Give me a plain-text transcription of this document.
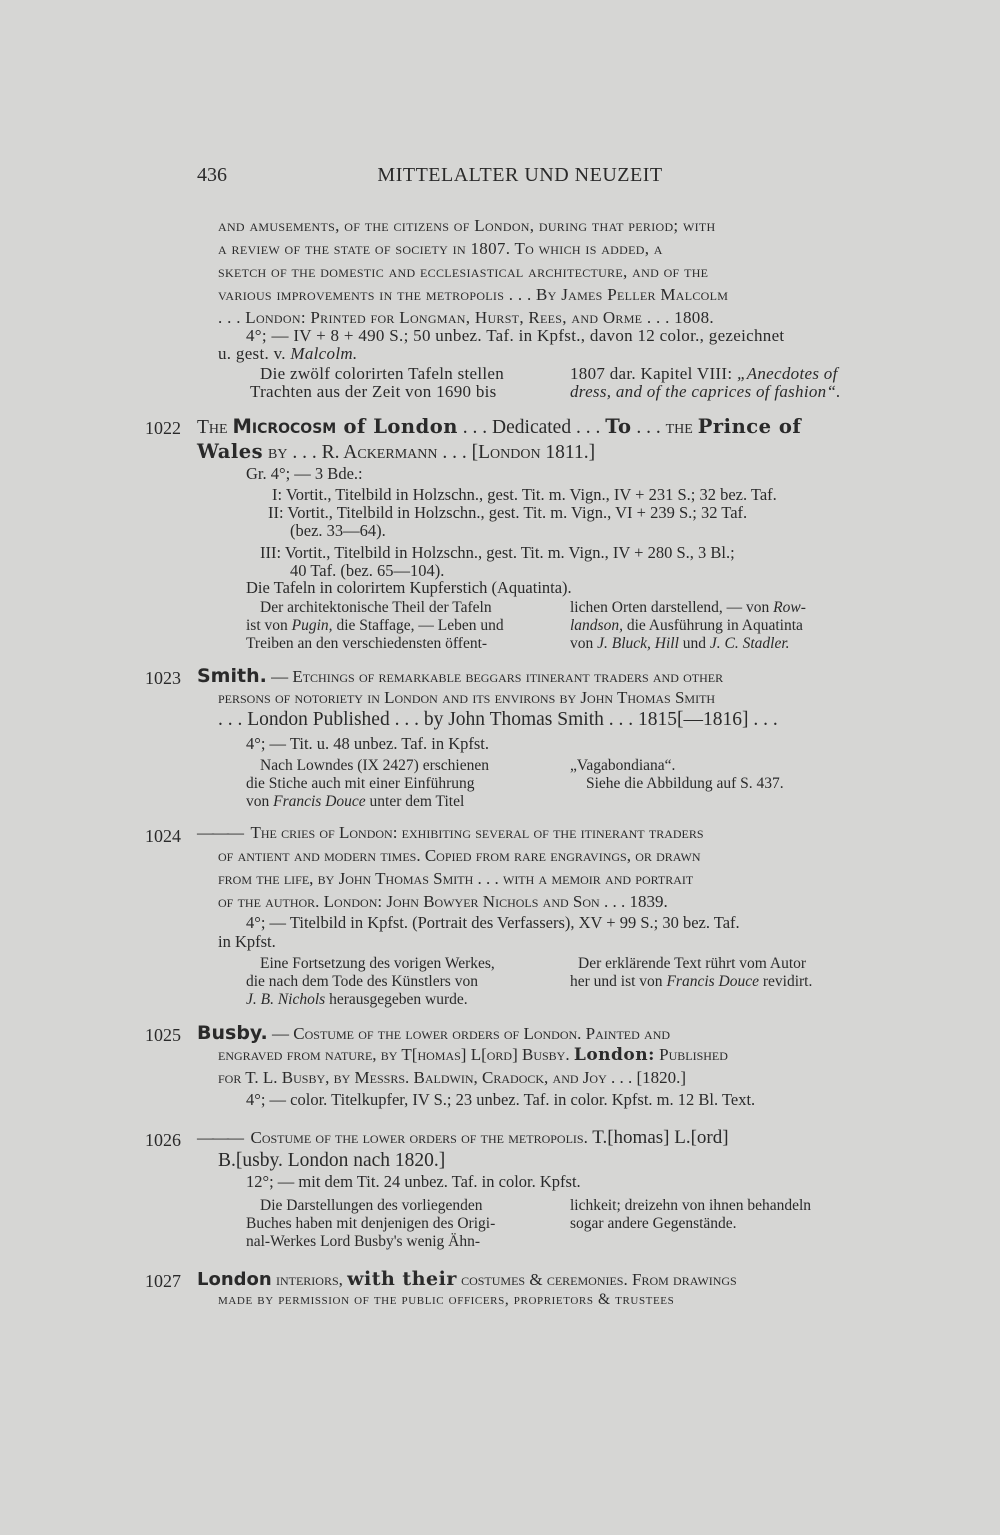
436	MITTELALTER UND NEUZEIT
and amusements, of the citizens of London, during that period; with
a review of the state of society in 1807. To which is added, a
sketch of the domestic and ecclesiastical architecture, and of the
various improvements in the metropolis . . . By James Peller Malcolm
. . . London: Printed for Longman, Hurst, Rees, and Orme . . . 1808.
4°; — IV + 8 + 490 S.; 50 unbez. Taf. in Kpfst., davon 12 color., gezeichnet
u. gest. v. Malcolm.
Die zwölf colorirten Tafeln stellen
Trachten aus der Zeit von 1690 bis
1807 dar. Kapitel VIII: „Anecdotes of
dress, and of the caprices of fashion“.
1022 The Microcosm of London . . . Dedicated . . . To . . . the Prince of
Wales by . . . R. Ackermann . . . [London 1811.]
Gr. 4°; — 3 Bde.:
I: Vortit., Titelbild in Holzschn., gest. Tit. m. Vign., IV + 231 S.; 32 bez. Taf.
II: Vortit., Titelbild in Holzschn., gest. Tit. m. Vign., VI + 239 S.; 32 Taf.
(bez. 33—64).
III: Vortit., Titelbild in Holzschn., gest. Tit. m. Vign., IV + 280 S., 3 Bl.;
40 Taf. (bez. 65—104).
Die Tafeln in colorirtem Kupferstich (Aquatinta).
Der architektonische Theil der Tafeln
ist von Pugin, die Staffage, — Leben und
Treiben an den verschiedensten öffent-
lichen Orten darstellend, — von Row-
landson, die Ausführung in Aquatinta
von J. Bluck, Hill und J. C. Stadler.
1023 Smith. — Etchings of remarkable beggars itinerant traders and other
persons of notoriety in London and its environs by John Thomas Smith
. . . London Published . . . by John Thomas Smith . . . 1815[—1816] . . .
4°; — Tit. u. 48 unbez. Taf. in Kpfst.
Nach Lowndes (IX 2427) erschienen
die Stiche auch mit einer Einführung
von Francis Douce unter dem Titel
„Vagabondiana“.
Siehe die Abbildung auf S. 437.
1024 ——— The cries of London: exhibiting several of the itinerant traders
of antient and modern times. Copied from rare engravings, or drawn
from the life, by John Thomas Smith . . . with a memoir and portrait
of the author. London: John Bowyer Nichols and Son . . . 1839.
4°; — Titelbild in Kpfst. (Portrait des Verfassers), XV + 99 S.; 30 bez. Taf.
in Kpfst.
Eine Fortsetzung des vorigen Werkes,
die nach dem Tode des Künstlers von
J. B. Nichols herausgegeben wurde.
Der erklärende Text rührt vom Autor
her und ist von Francis Douce revidirt.
1025 Busby. — Costume of the lower orders of London. Painted and
engraved from nature, by T[homas] L[ord] Busby. London: Published
for T. L. Busby, by Messrs. Baldwin, Cradock, and Joy . . . [1820.]
4°; — color. Titelkupfer, IV S.; 23 unbez. Taf. in color. Kpfst. m. 12 Bl. Text.
1026 ——— Costume of the lower orders of the metropolis. T.[homas] L.[ord]
B.[usby. London nach 1820.]
12°; — mit dem Tit. 24 unbez. Taf. in color. Kpfst.
Die Darstellungen des vorliegenden
Buches haben mit denjenigen des Origi-
nal-Werkes Lord Busby's wenig Ähn-
lichkeit; dreizehn von ihnen behandeln
sogar andere Gegenstände.
1027 London interiors, with their costumes & ceremonies. From drawings
made by permission of the public officers, proprietors & trustees
